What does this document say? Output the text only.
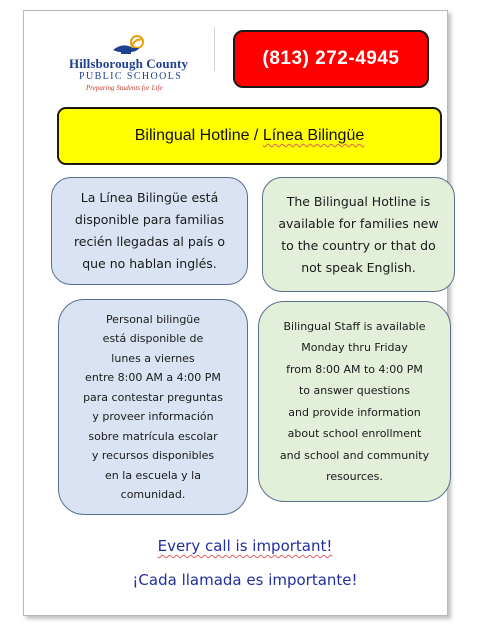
Hillsborough County
PUBLIC SCHOOLS
Preparing Students for Life
(813) 272-4945
Bilingual Hotline / Línea Bilingüe
La Línea Bilingüe está
disponible para familias
recién llegadas al país o
que no hablan inglés.
The Bilingual Hotline is
available for families new
to the country or that do
not speak English.
Personal bilingüe
está disponible de
lunes a viernes
entre 8:00 AM a 4:00 PM
para contestar preguntas
y proveer información
sobre matrícula escolar
y recursos disponibles
en la escuela y la
comunidad.
Bilingual Staff is available
Monday thru Friday
from 8:00 AM to 4:00 PM
to answer questions
and provide information
about school enrollment
and school and community
resources.
Every call is important!
¡Cada llamada es importante!
